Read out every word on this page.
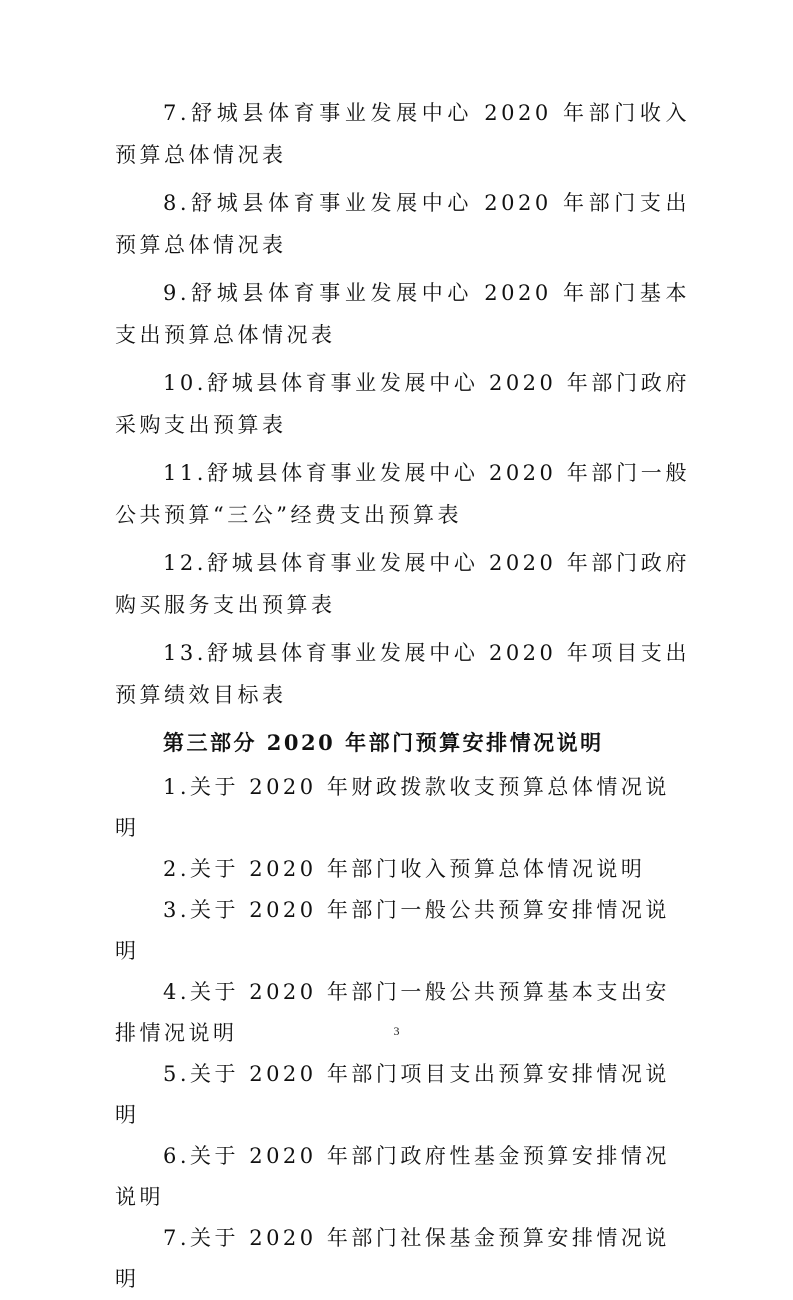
7.舒城县体育事业发展中心 2020 年部门收入预算总体情况表

8.舒城县体育事业发展中心 2020 年部门支出预算总体情况表

9.舒城县体育事业发展中心 2020 年部门基本支出预算总体情况表

10.舒城县体育事业发展中心 2020 年部门政府采购支出预算表

11.舒城县体育事业发展中心 2020 年部门一般公共预算“三公”经费支出预算表

12.舒城县体育事业发展中心 2020 年部门政府购买服务支出预算表

13.舒城县体育事业发展中心 2020 年项目支出预算绩效目标表

第三部分 2020 年部门预算安排情况说明

1.关于 2020 年财政拨款收支预算总体情况说明

2.关于 2020 年部门收入预算总体情况说明

3.关于 2020 年部门一般公共预算安排情况说明

4.关于 2020 年部门一般公共预算基本支出安排情况说明

5.关于 2020 年部门项目支出预算安排情况说明

6.关于 2020 年部门政府性基金预算安排情况说明

7.关于 2020 年部门社保基金预算安排情况说明

3
